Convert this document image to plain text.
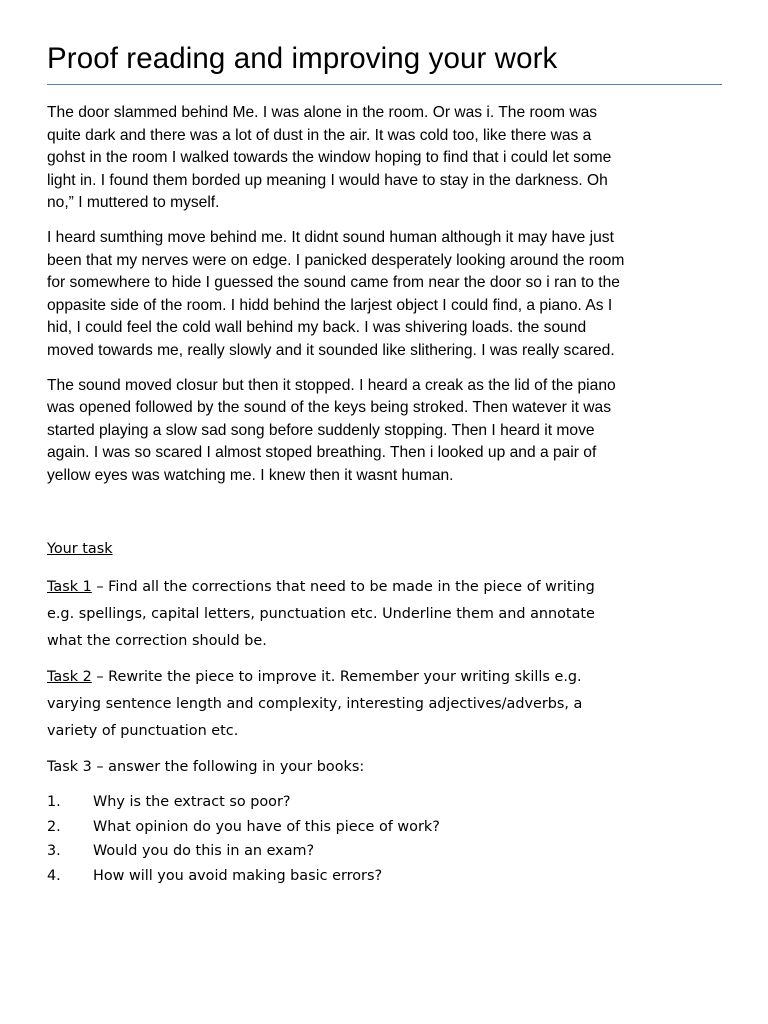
Proof reading and improving your work

The door slammed behind Me. I was alone in the room. Or was i. The room was
quite dark and there was a lot of dust in the air. It was cold too, like there was a
gohst in the room I walked towards the window hoping to find that i could let some
light in. I found them borded up meaning I would have to stay in the darkness. Oh
no,” I muttered to myself.

I heard sumthing move behind me. It didnt sound human although it may have just
been that my nerves were on edge. I panicked desperately looking around the room
for somewhere to hide I guessed the sound came from near the door so i ran to the
oppasite side of the room. I hidd behind the larjest object I could find, a piano. As I
hid, I could feel the cold wall behind my back. I was shivering loads. the sound
moved towards me, really slowly and it sounded like slithering. I was really scared.

The sound moved closur but then it stopped. I heard a creak as the lid of the piano
was opened followed by the sound of the keys being stroked. Then watever it was
started playing a slow sad song before suddenly stopping. Then I heard it move
again. I was so scared I almost stoped breathing. Then i looked up and a pair of
yellow eyes was watching me. I knew then it wasnt human.

Your task
Task 1 – Find all the corrections that need to be made in the piece of writing
e.g. spellings, capital letters, punctuation etc. Underline them and annotate
what the correction should be.
Task 2 – Rewrite the piece to improve it. Remember your writing skills e.g.
varying sentence length and complexity, interesting adjectives/adverbs, a
variety of punctuation etc.
Task 3 – answer the following in your books:
1. Why is the extract so poor?
2. What opinion do you have of this piece of work?
3. Would you do this in an exam?
4. How will you avoid making basic errors?
